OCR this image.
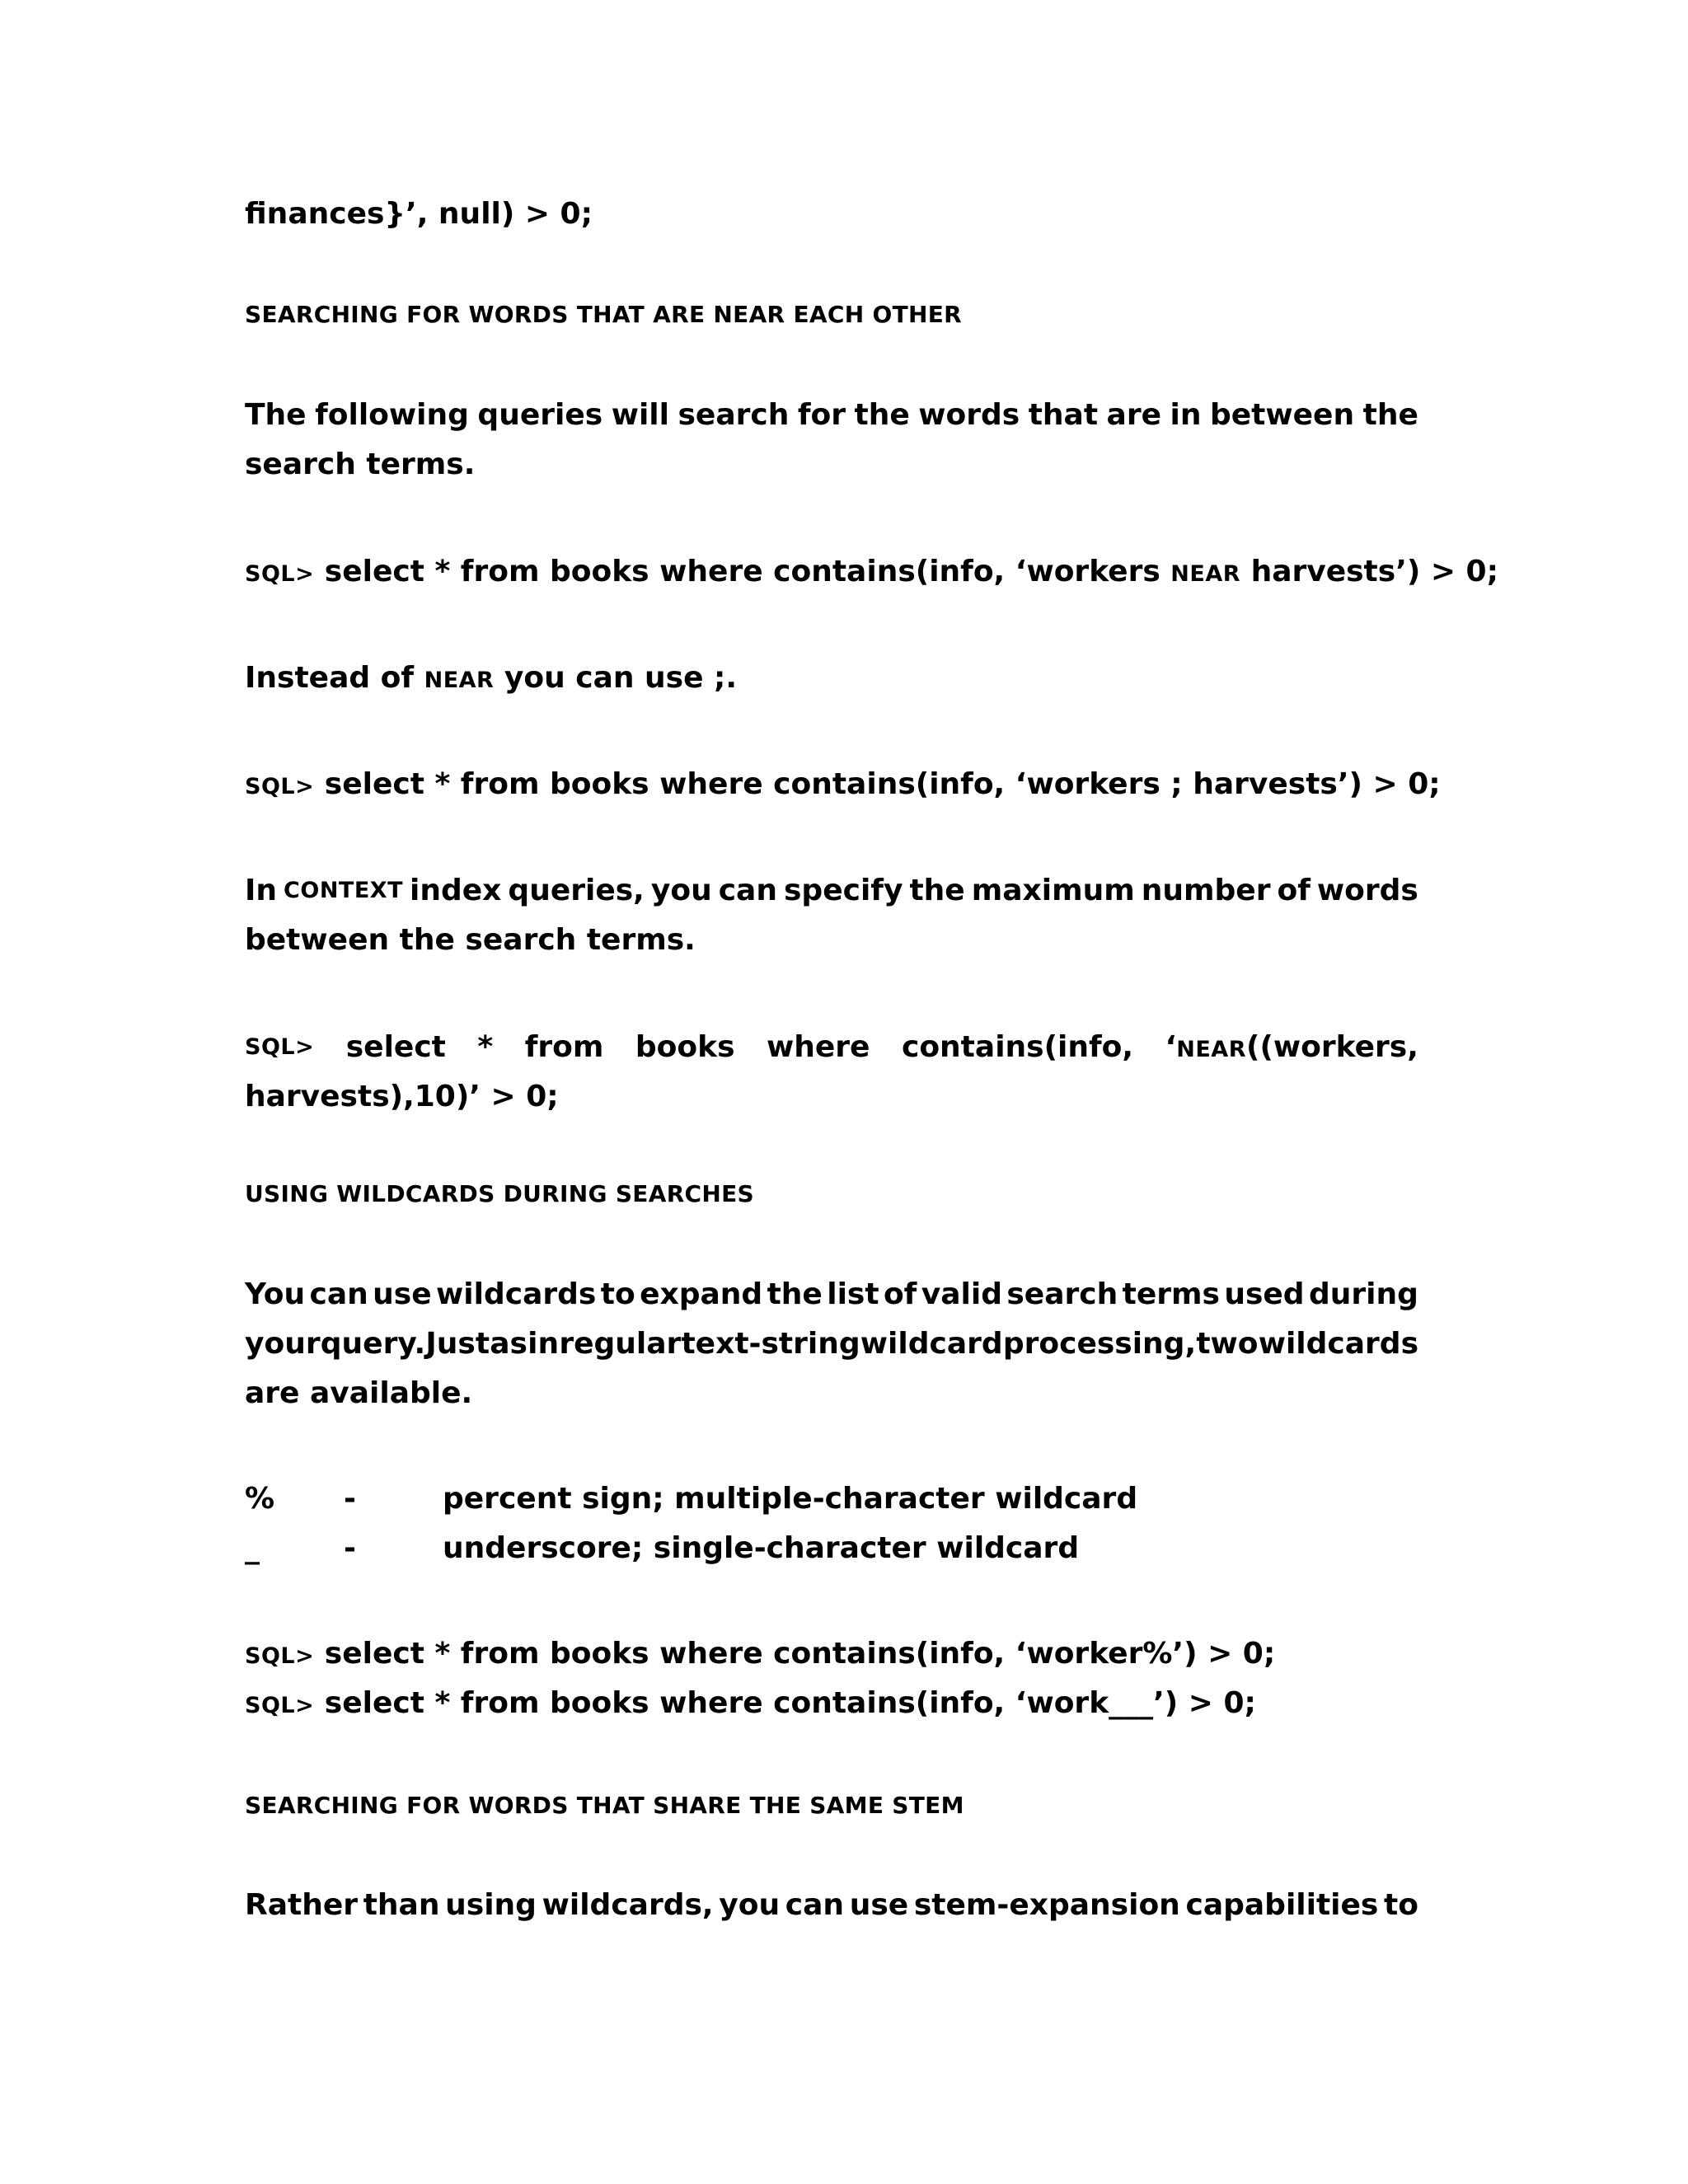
finances}’, null) > 0;
SEARCHING FOR WORDS THAT ARE NEAR EACH OTHER
The following queries will search for the words that are in between the
search terms.
SQL> select * from books where contains(info, ‘workers NEAR harvests’) > 0;
Instead of NEAR you can use ;.
SQL> select * from books where contains(info, ‘workers ; harvests’) > 0;
In CONTEXT index queries, you can specify the maximum number of words
between the search terms.
SQL> select * from books where contains(info, ‘NEAR((workers,
harvests),10)’ > 0;
USING WILDCARDS DURING SEARCHES
You can use wildcards to expand the list of valid search terms used during
your query. Just as in regular text-string wildcard processing, two wildcards
are available.
%	-	percent sign; multiple-character wildcard
_	-	underscore; single-character wildcard
SQL> select * from books where contains(info, ‘worker%’) > 0;
SQL> select * from books where contains(info, ‘work___’) > 0;
SEARCHING FOR WORDS THAT SHARE THE SAME STEM
Rather than using wildcards, you can use stem-expansion capabilities to
